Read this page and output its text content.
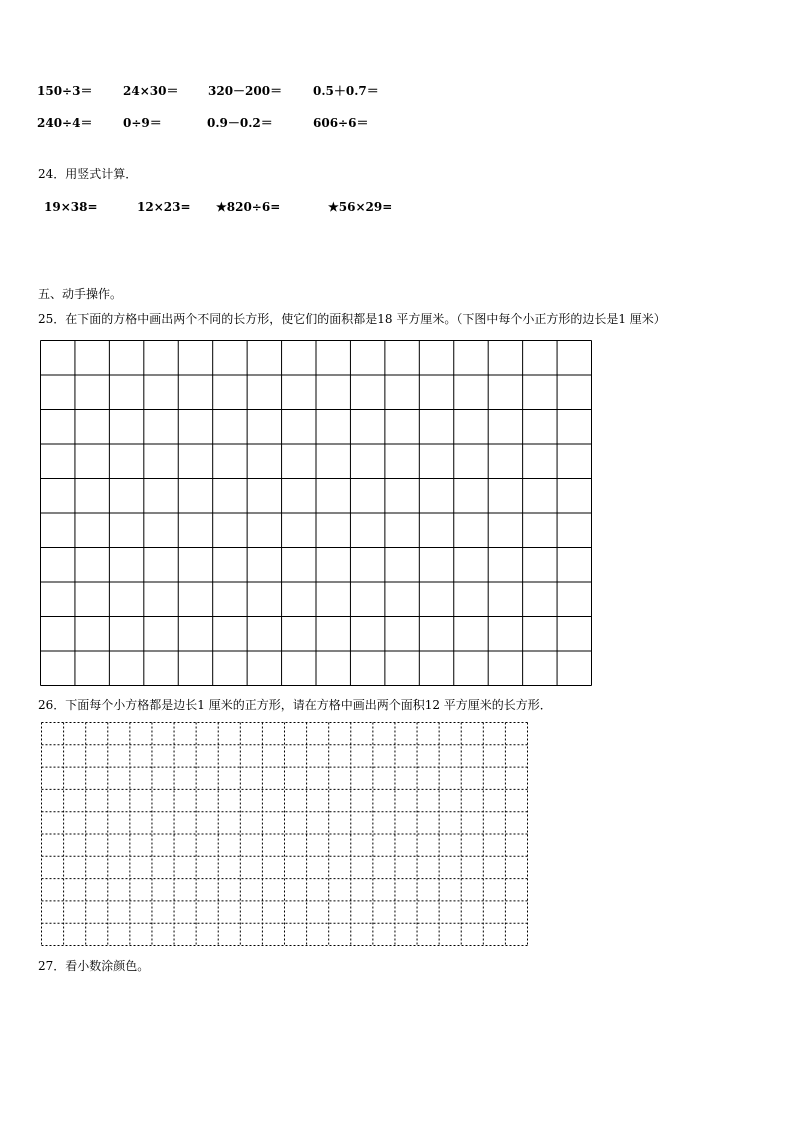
150÷3＝	24×30＝ 320－200＝	0.5＋0.7＝
240÷4＝	0÷9＝	0.9－0.2＝	606÷6＝
24．用竖式计算．
19×38=	12×23= ★820÷6=	★56×29=
五、动手操作。
25．在下面的方格中画出两个不同的长方形，使它们的面积都是18 平方厘米。（下图中每个小正方形的边长是1 厘米）
26．下面每个小方格都是边长1 厘米的正方形，请在方格中画出两个面积12 平方厘米的长方形．
27．看小数涂颜色。
